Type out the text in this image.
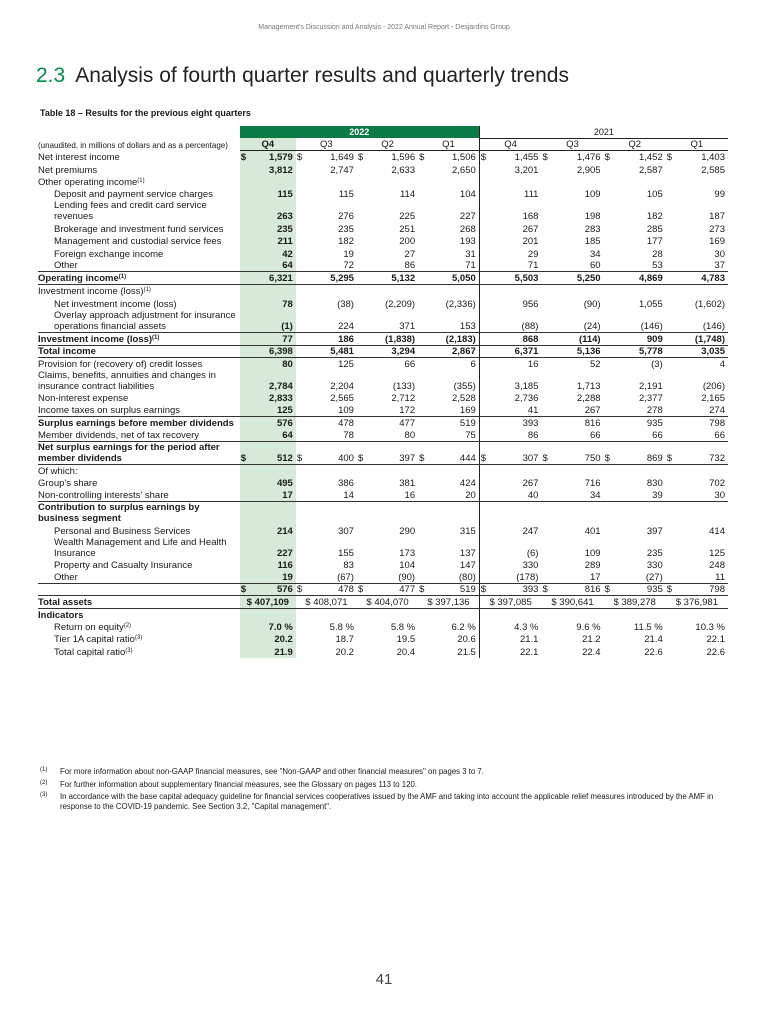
Management's Discussion and Analysis - 2022 Annual Report - Desjardins Group
2.3 Analysis of fourth quarter results and quarterly trends
Table 18 – Results for the previous eight quarters
(unaudited, in millions of dollars and as a percentage)	2022								2021							
	Q4		Q3		Q2		Q1		Q4		Q3		Q2		Q1	
Net interest income	$	1,579	$	1,649	$	1,596	$	1,506	$	1,455	$	1,476	$	1,452	$	1,403
Net premiums		3,812		2,747		2,633		2,650		3,201		2,905		2,587		2,585
Other operating income$^{(1)}$																
Deposit and payment service charges		115		115		114		104		111		109		105		99
Lending fees and credit card service revenues		263		276		225		227		168		198		182		187
Brokerage and investment fund services		235		235		251		268		267		283		285		273
Management and custodial service fees		211		182		200		193		201		185		177		169
Foreign exchange income		42		19		27		31		29		34		28		30
Other		64		72		86		71		71		60		53		37
Operating income$^{(1)}$		6,321		5,295		5,132		5,050		5,503		5,250		4,869		4,783
Investment income (loss)$^{(1)}$																
Net investment income (loss)		78		(38)		(2,209)		(2,336)		956		(90)		1,055		(1,602)
Overlay approach adjustment for insurance operations financial assets		(1)		224		371		153		(88)		(24)		(146)		(146)
Investment income (loss)$^{(1)}$		77		186		(1,838)		(2,183)		868		(114)		909		(1,748)
Total income		6,398		5,481		3,294		2,867		6,371		5,136		5,778		3,035
Provision for (recovery of) credit losses		80		125		66		6		16		52		(3)		4
Claims, benefits, annuities and changes in insurance contract liabilities		2,784		2,204		(133)		(355)		3,185		1,713		2,191		(206)
Non-interest expense		2,833		2,565		2,712		2,528		2,736		2,288		2,377		2,165
Income taxes on surplus earnings		125		109		172		169		41		267		278		274
Surplus earnings before member dividends		576		478		477		519		393		816		935		798
Member dividends, net of tax recovery		64		78		80		75		86		66		66		66
Net surplus earnings for the period after member dividends	$	512	$	400	$	397	$	444	$	307	$	750	$	869	$	732
Of which:																
Group's share		495		386		381		424		267		716		830		702
Non-controlling interests' share		17		14		16		20		40		34		39		30
Contribution to surplus earnings by business segment																
Personal and Business Services		214		307		290		315		247		401		397		414
Wealth Management and Life and Health Insurance		227		155		173		137		(6)		109		235		125
Property and Casualty Insurance		116		83		104		147		330		289		330		248
Other		19		(67)		(90)		(80)		(178)		17		(27)		11
	$	576	$	478	$	477	$	519	$	393	$	816	$	935	$	798
Total assets	$ 407,109		$ 408,071		$ 404,070		$ 397,136		$ 397,085		$ 390,641		$ 389,278		$ 376,981	
Indicators																
Return on equity$^{(2)}$		7.0 %		5.8 %		5.8 %		6.2 %		4.3 %		9.6 %		11.5 %		10.3 %
Tier 1A capital ratio$^{(3)}$		20.2		18.7		19.5		20.6		21.1		21.2		21.4		22.1
Total capital ratio$^{(3)}$		21.9		20.2		20.4		21.5		22.1		22.4		22.6		22.6
(1)	For more information about non-GAAP financial measures, see "Non-GAAP and other financial measures" on pages 3 to 7.
(2)	For further information about supplementary financial measures, see the Glossary on pages 113 to 120.
(3)	In accordance with the base capital adequacy guideline for financial services cooperatives issued by the AMF and taking into account the applicable relief measures introduced by the AMF in response to the COVID-19 pandemic. See Section 3.2, "Capital management".
41
